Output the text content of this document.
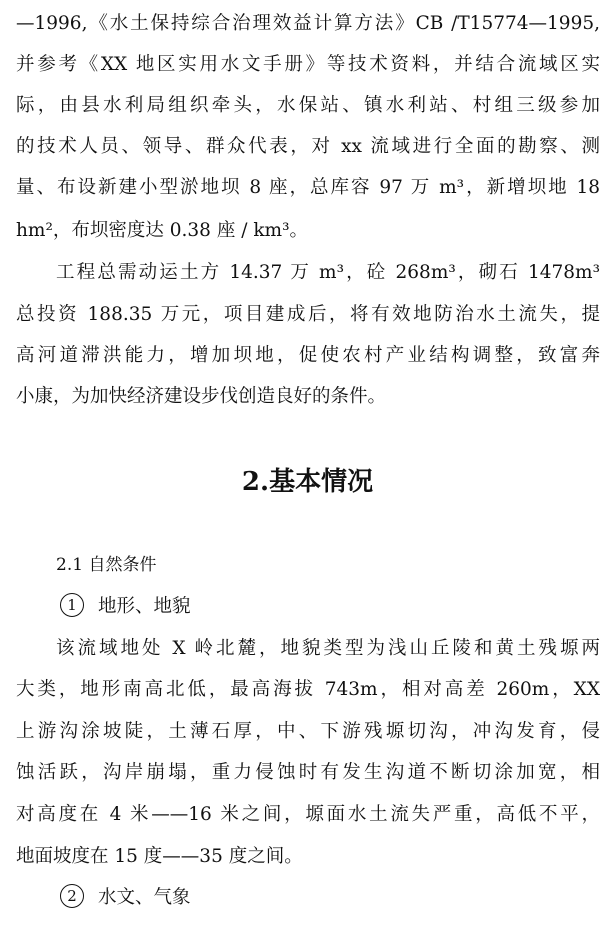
—1996,《水土保持综合治理效益计算方法》CB /T15774—1995,
并参考《XX 地区实用水文手册》等技术资料，并结合流域区实
际，由县水利局组织牵头，水保站、镇水利站、村组三级参加
的技术人员、领导、群众代表，对 xx 流域进行全面的勘察、测
量、布设新建小型淤地坝 8 座，总库容 97 万 m³，新增坝地 18
hm²，布坝密度达 0.38 座 / km³。
工程总需动运土方 14.37 万 m³，砼 268m³，砌石 1478m³
总投资 188.35 万元，项目建成后，将有效地防治水土流失，提
高河道滞洪能力，增加坝地，促使农村产业结构调整，致富奔
小康，为加快经济建设步伐创造良好的条件。
2.基本情况
2.1 自然条件
1 地形、地貌
该流域地处 X 岭北麓，地貌类型为浅山丘陵和黄土残塬两
大类，地形南高北低，最高海拔 743m，相对高差 260m，XX
上游沟涂坡陡，土薄石厚，中、下游残塬切沟，冲沟发育，侵
蚀活跃，沟岸崩塌，重力侵蚀时有发生沟道不断切涂加宽，相
对高度在 4 米——16 米之间，塬面水土流失严重，高低不平，
地面坡度在 15 度——35 度之间。
2 水文、气象
